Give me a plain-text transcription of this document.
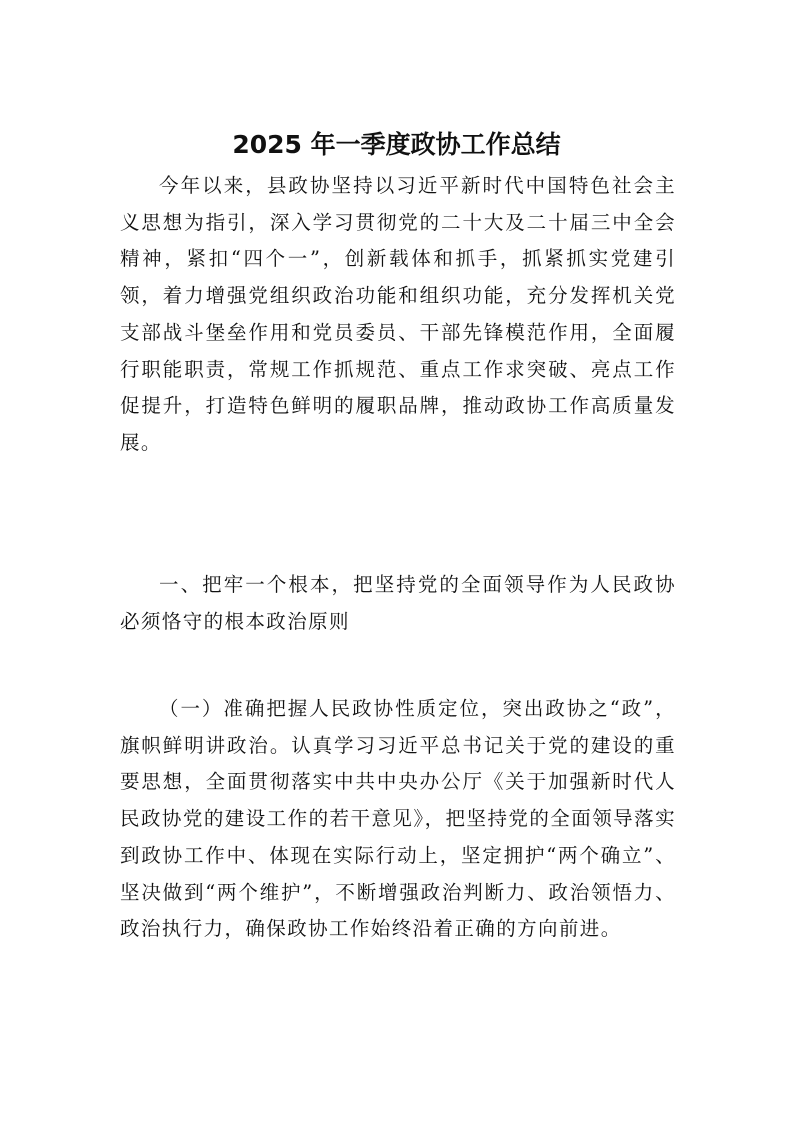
2025 年一季度政协工作总结

今年以来，县政协坚持以习近平新时代中国特色社会主义思想为指引，深入学习贯彻党的二十大及二十届三中全会精神，紧扣“四个一”，创新载体和抓手，抓紧抓实党建引领，着力增强党组织政治功能和组织功能，充分发挥机关党支部战斗堡垒作用和党员委员、干部先锋模范作用，全面履行职能职责，常规工作抓规范、重点工作求突破、亮点工作促提升，打造特色鲜明的履职品牌，推动政协工作高质量发展。

一、把牢一个根本，把坚持党的全面领导作为人民政协必须恪守的根本政治原则

（一）准确把握人民政协性质定位，突出政协之“政”，旗帜鲜明讲政治。认真学习习近平总书记关于党的建设的重要思想，全面贯彻落实中共中央办公厅《关于加强新时代人民政协党的建设工作的若干意见》，把坚持党的全面领导落实到政协工作中、体现在实际行动上，坚定拥护“两个确立”、坚决做到“两个维护”，不断增强政治判断力、政治领悟力、政治执行力，确保政协工作始终沿着正确的方向前进。
